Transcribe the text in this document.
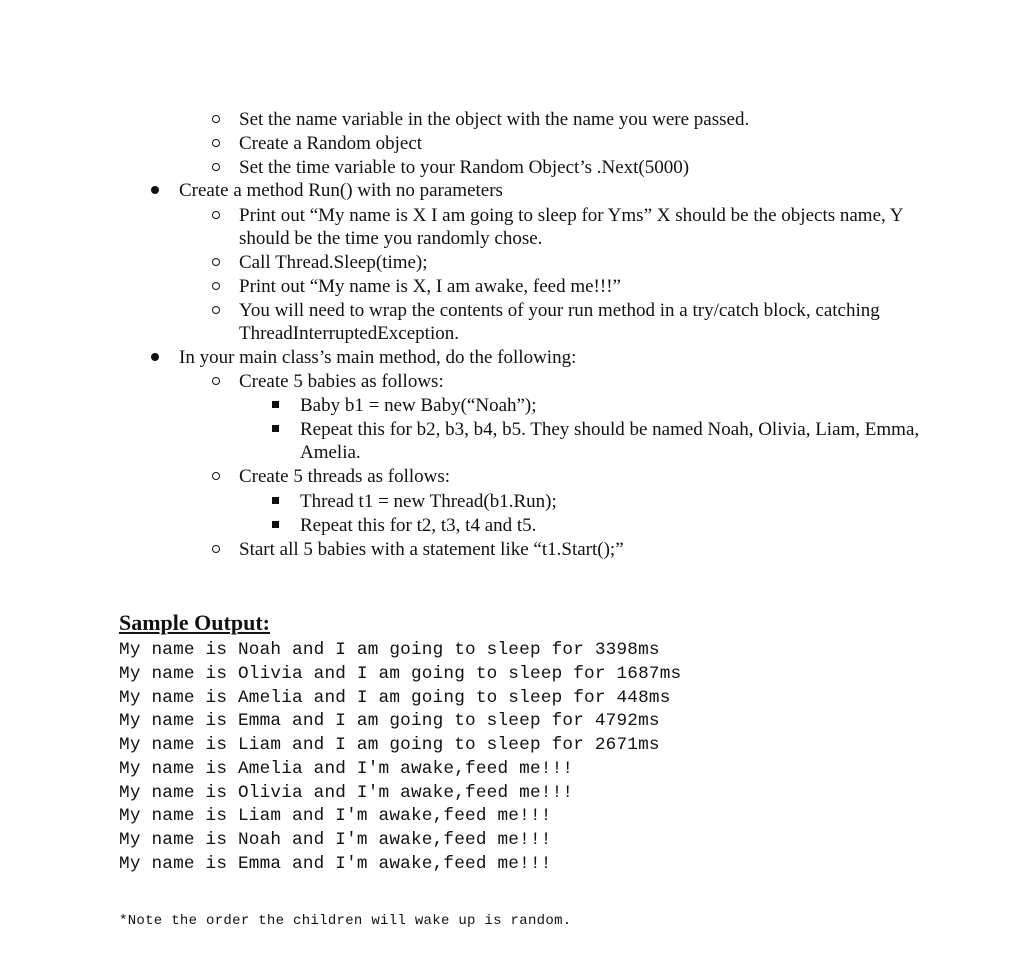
Set the name variable in the object with the name you were passed.
Create a Random object
Set the time variable to your Random Object’s .Next(5000)
Create a method Run() with no parameters
Print out “My name is X I am going to sleep for Yms” X should be the objects name, Y
should be the time you randomly chose.
Call Thread.Sleep(time);
Print out “My name is X, I am awake, feed me!!!”
You will need to wrap the contents of your run method in a try/catch block, catching
ThreadInterruptedException.
In your main class’s main method, do the following:
Create 5 babies as follows:
Baby b1 = new Baby(“Noah”);
Repeat this for b2, b3, b4, b5. They should be named Noah, Olivia, Liam, Emma,
Amelia.
Create 5 threads as follows:
Thread t1 = new Thread(b1.Run);
Repeat this for t2, t3, t4 and t5.
Start all 5 babies with a statement like “t1.Start();”
Sample Output:
My name is Noah and I am going to sleep for 3398ms
My name is Olivia and I am going to sleep for 1687ms
My name is Amelia and I am going to sleep for 448ms
My name is Emma and I am going to sleep for 4792ms
My name is Liam and I am going to sleep for 2671ms
My name is Amelia and I'm awake,feed me!!!
My name is Olivia and I'm awake,feed me!!!
My name is Liam and I'm awake,feed me!!!
My name is Noah and I'm awake,feed me!!!
My name is Emma and I'm awake,feed me!!!
*Note the order the children will wake up is random.
